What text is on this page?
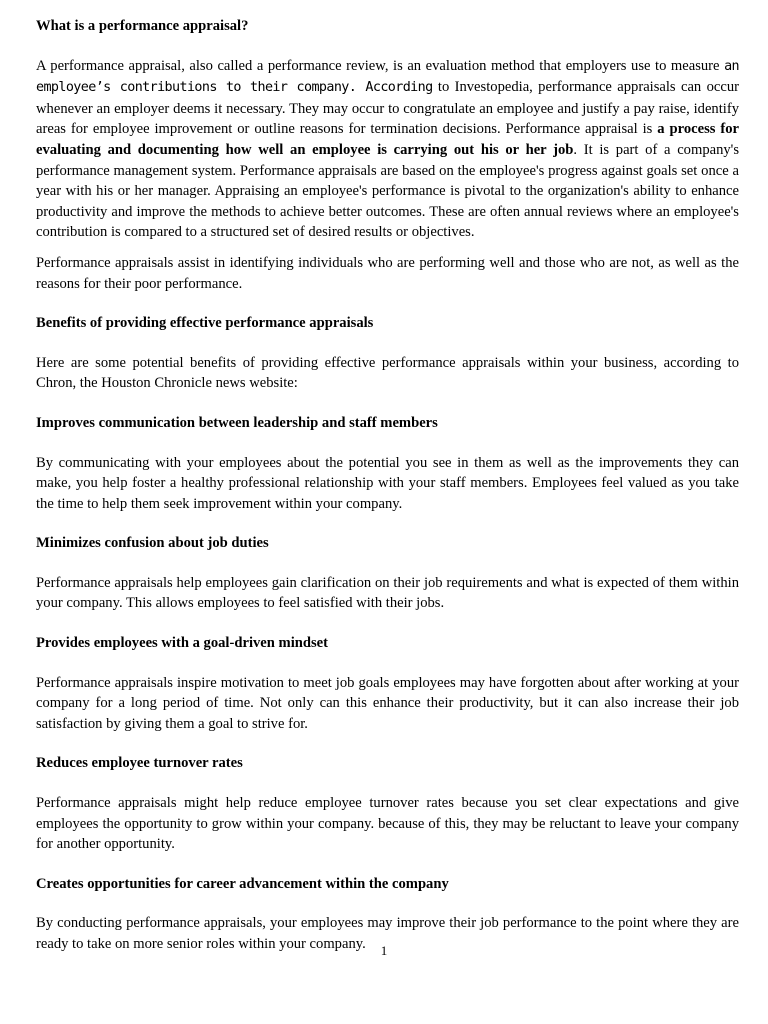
What is a performance appraisal?

A performance appraisal, also called a performance review, is an evaluation method that employers use to measure an employee’s contributions to their company. According to Investopedia, performance appraisals can occur whenever an employer deems it necessary. They may occur to congratulate an employee and justify a pay raise, identify areas for employee improvement or outline reasons for termination decisions. Performance appraisal is a process for evaluating and documenting how well an employee is carrying out his or her job. It is part of a company's performance management system. Performance appraisals are based on the employee's progress against goals set once a year with his or her manager. Appraising an employee's performance is pivotal to the organization's ability to enhance productivity and improve the methods to achieve better outcomes. These are often annual reviews where an employee's contribution is compared to a structured set of desired results or objectives.

Performance appraisals assist in identifying individuals who are performing well and those who are not, as well as the reasons for their poor performance.

Benefits of providing effective performance appraisals

Here are some potential benefits of providing effective performance appraisals within your business, according to Chron, the Houston Chronicle news website:

Improves communication between leadership and staff members

By communicating with your employees about the potential you see in them as well as the improvements they can make, you help foster a healthy professional relationship with your staff members. Employees feel valued as you take the time to help them seek improvement within your company.

Minimizes confusion about job duties

Performance appraisals help employees gain clarification on their job requirements and what is expected of them within your company. This allows employees to feel satisfied with their jobs.

Provides employees with a goal-driven mindset

Performance appraisals inspire motivation to meet job goals employees may have forgotten about after working at your company for a long period of time. Not only can this enhance their productivity, but it can also increase their job satisfaction by giving them a goal to strive for.

Reduces employee turnover rates

Performance appraisals might help reduce employee turnover rates because you set clear expectations and give employees the opportunity to grow within your company. because of this, they may be reluctant to leave your company for another opportunity.

Creates opportunities for career advancement within the company

By conducting performance appraisals, your employees may improve their job performance to the point where they are ready to take on more senior roles within your company.	1
